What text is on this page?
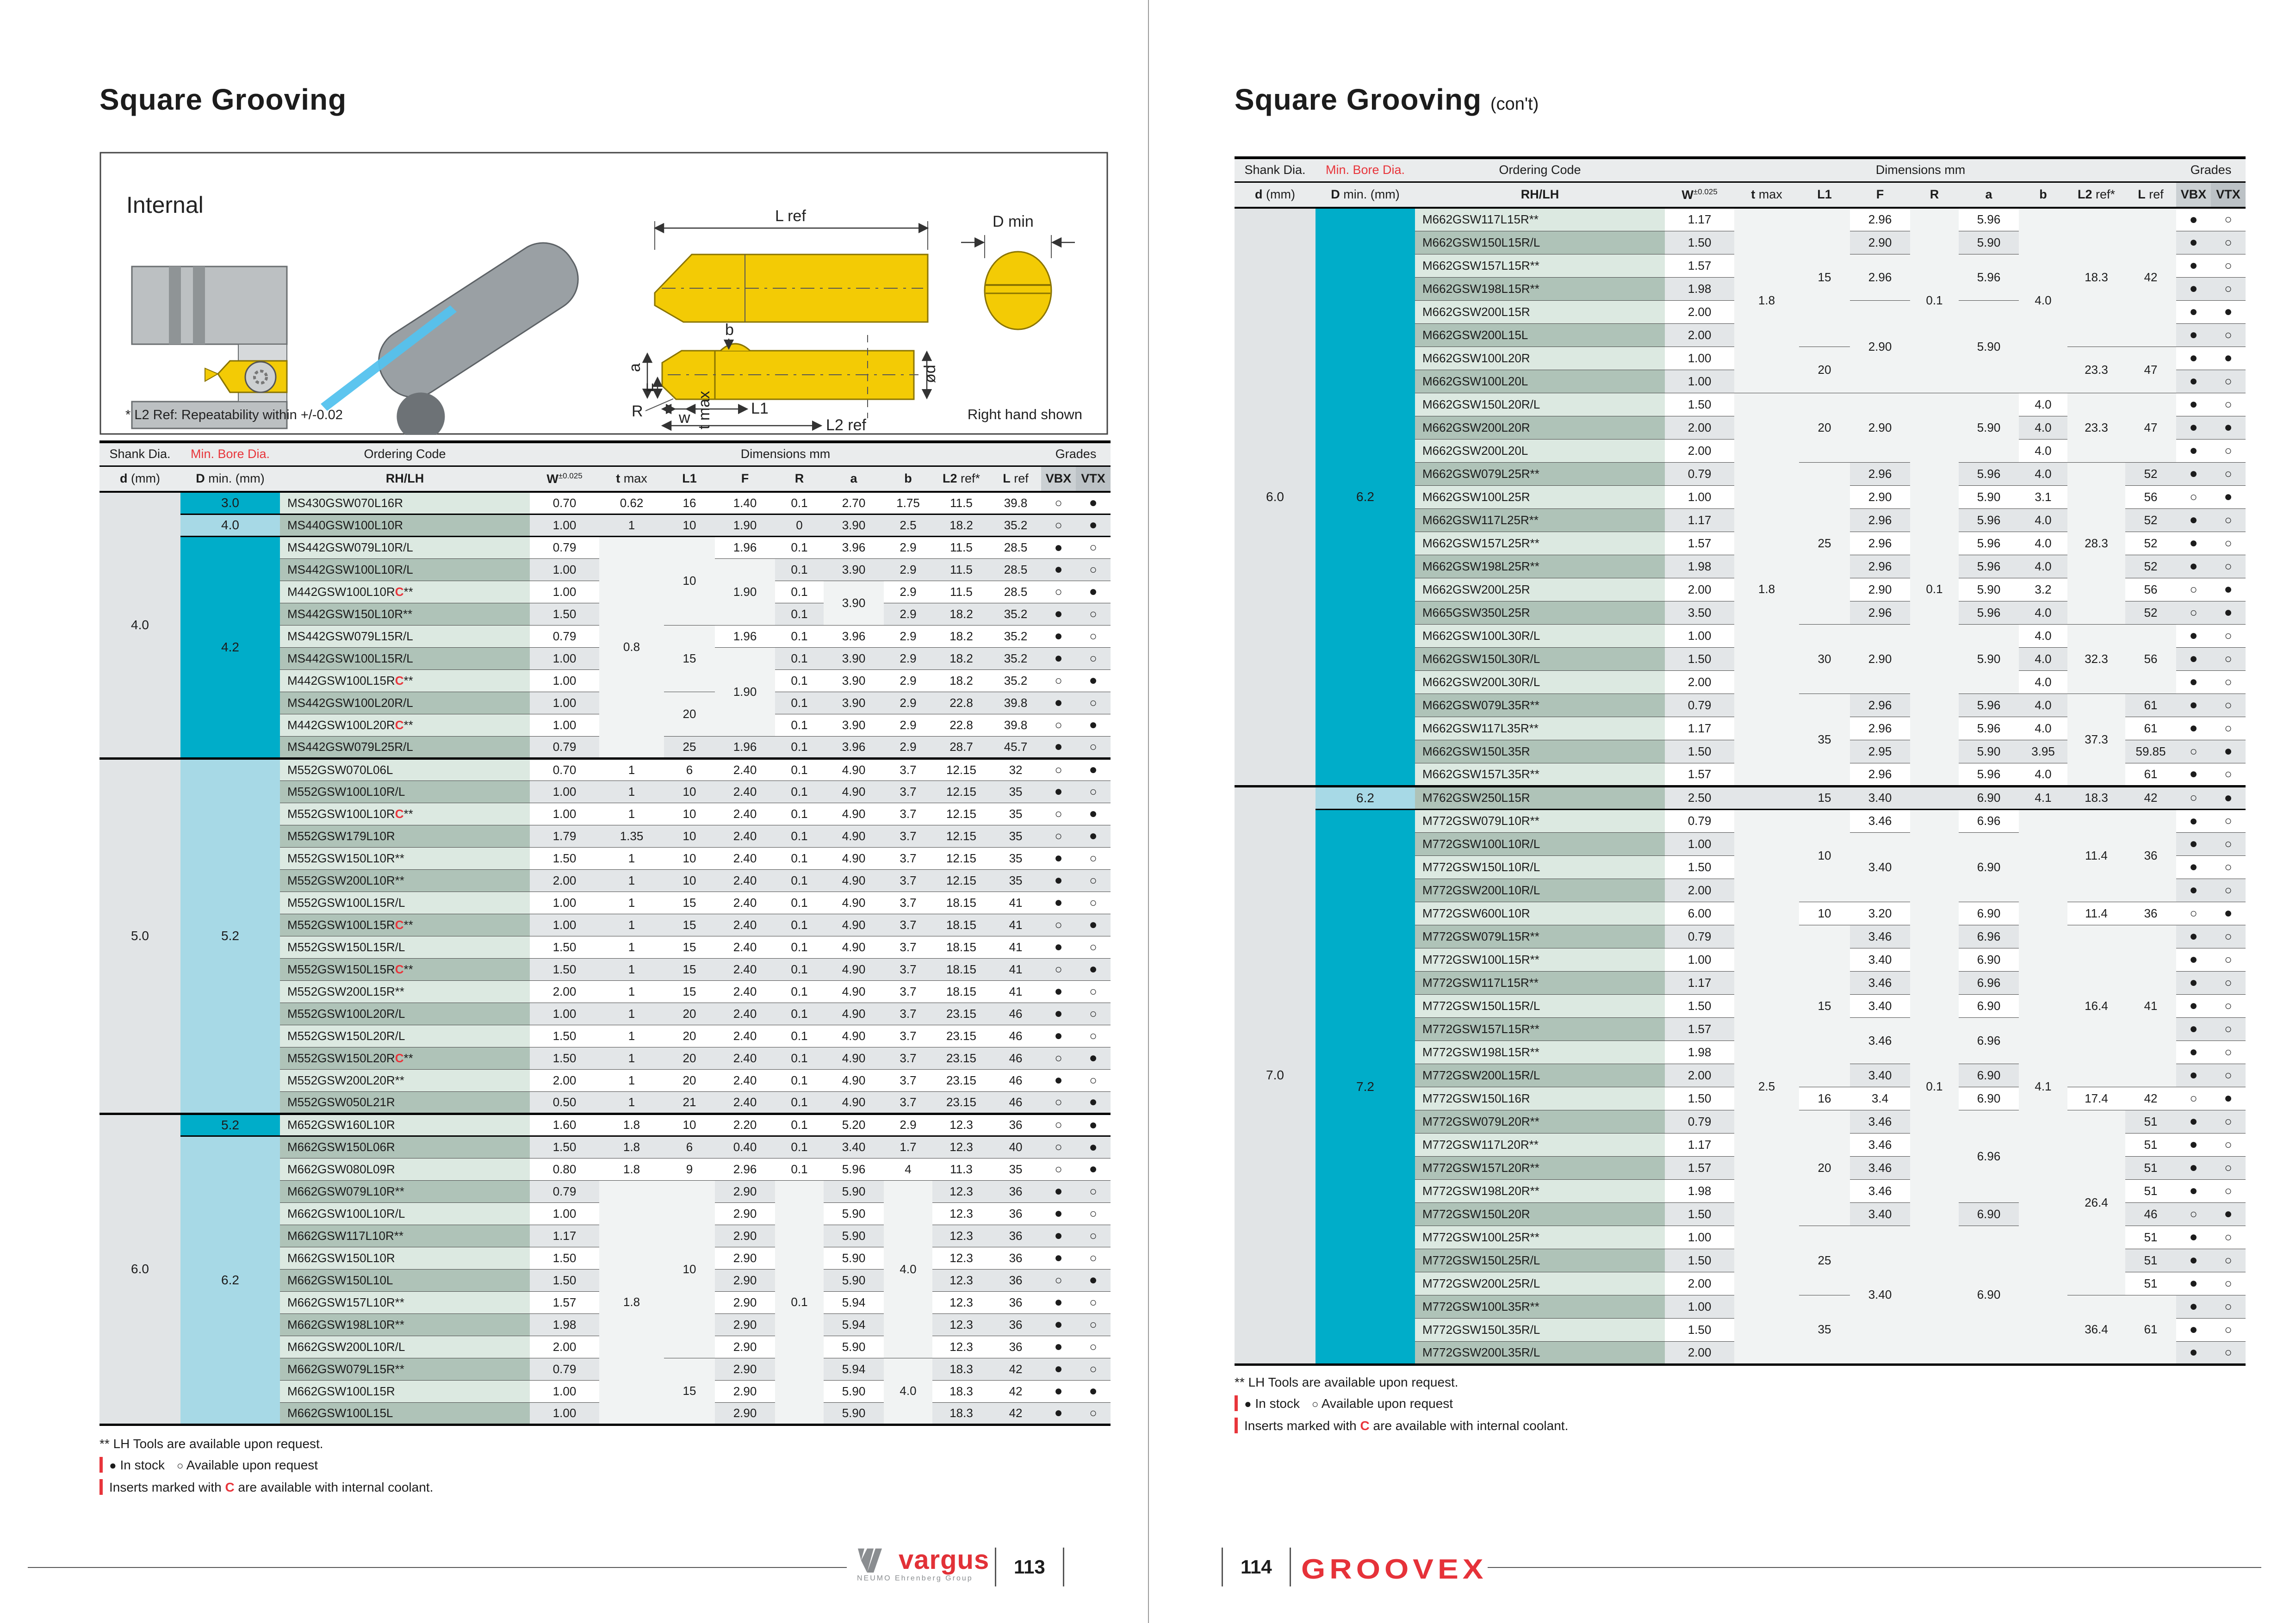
Square Grooving
Internal	L ref	D min
b
a
F
R w t max L1
L2 ref
ød
* L2 Ref: Repeatability within +/-0.02	Right hand shown
Shank Dia.	Min. Bore Dia.	Ordering Code	Dimensions mm									Grades	
d (mm)	D min. (mm)	RH/LH	$W^{\pm 0.025}$	t max	L1	F	R	a	b	L2 ref*	L ref	VBX	VTX
4.0	3.0	MS430GSW070L16R	0.70	0.62	16	1.40	0.1	2.70	1.75	11.5	39.8	○	●
	4.0	MS440GSW100L10R	1.00	1	10	1.90	0	3.90	2.5	18.2	35.2	○	●
	4.2	MS442GSW079L10R/L	0.79	0.8	10	1.96	0.1	3.96	2.9	11.5	28.5	●	○
		MS442GSW100L10R/L	1.00			1.90	0.1	3.90	2.9	11.5	28.5	●	○
		M442GSW100L10RC**	1.00				0.1	3.90	2.9	11.5	28.5	○	●
		MS442GSW150L10R**	1.50				0.1		2.9	18.2	35.2	●	○
		MS442GSW079L15R/L	0.79		15	1.96	0.1	3.96	2.9	18.2	35.2	●	○
		MS442GSW100L15R/L	1.00			1.90	0.1	3.90	2.9	18.2	35.2	●	○
		M442GSW100L15RC**	1.00				0.1	3.90	2.9	18.2	35.2	○	●
		MS442GSW100L20R/L	1.00		20		0.1	3.90	2.9	22.8	39.8	●	○
		M442GSW100L20RC**	1.00				0.1	3.90	2.9	22.8	39.8	○	●
		MS442GSW079L25R/L	0.79		25	1.96	0.1	3.96	2.9	28.7	45.7	●	○
5.0	5.2	M552GSW070L06L	0.70	1	6	2.40	0.1	4.90	3.7	12.15	32	○	●
		M552GSW100L10R/L	1.00	1	10	2.40	0.1	4.90	3.7	12.15	35	●	○
		M552GSW100L10RC**	1.00	1	10	2.40	0.1	4.90	3.7	12.15	35	○	●
		M552GSW179L10R	1.79	1.35	10	2.40	0.1	4.90	3.7	12.15	35	○	●
		M552GSW150L10R**	1.50	1	10	2.40	0.1	4.90	3.7	12.15	35	●	○
		M552GSW200L10R**	2.00	1	10	2.40	0.1	4.90	3.7	12.15	35	●	○
		M552GSW100L15R/L	1.00	1	15	2.40	0.1	4.90	3.7	18.15	41	●	○
		M552GSW100L15RC**	1.00	1	15	2.40	0.1	4.90	3.7	18.15	41	○	●
		M552GSW150L15R/L	1.50	1	15	2.40	0.1	4.90	3.7	18.15	41	●	○
		M552GSW150L15RC**	1.50	1	15	2.40	0.1	4.90	3.7	18.15	41	○	●
		M552GSW200L15R**	2.00	1	15	2.40	0.1	4.90	3.7	18.15	41	●	○
		M552GSW100L20R/L	1.00	1	20	2.40	0.1	4.90	3.7	23.15	46	●	○
		M552GSW150L20R/L	1.50	1	20	2.40	0.1	4.90	3.7	23.15	46	●	○
		M552GSW150L20RC**	1.50	1	20	2.40	0.1	4.90	3.7	23.15	46	○	●
		M552GSW200L20R**	2.00	1	20	2.40	0.1	4.90	3.7	23.15	46	●	○
		M552GSW050L21R	0.50	1	21	2.40	0.1	4.90	3.7	23.15	46	○	●
6.0	5.2	M652GSW160L10R	1.60	1.8	10	2.20	0.1	5.20	2.9	12.3	36	○	●
	6.2	M662GSW150L06R	1.50	1.8	6	0.40	0.1	3.40	1.7	12.3	40	○	●
		M662GSW080L09R	0.80	1.8	9	2.96	0.1	5.96	4	11.3	35	○	●
		M662GSW079L10R**	0.79	1.8	10	2.90	0.1	5.90	4.0	12.3	36	●	○
		M662GSW100L10R/L	1.00			2.90		5.90		12.3	36	●	○
		M662GSW117L10R**	1.17			2.90		5.90		12.3	36	●	○
		M662GSW150L10R	1.50			2.90		5.90		12.3	36	●	○
		M662GSW150L10L	1.50			2.90		5.90		12.3	36	○	●
		M662GSW157L10R**	1.57			2.90		5.94		12.3	36	●	○
		M662GSW198L10R**	1.98			2.90		5.94		12.3	36	●	○
		M662GSW200L10R/L	2.00			2.90		5.90		12.3	36	●	○
		M662GSW079L15R**	0.79		15	2.90		5.94	4.0	18.3	42	●	○
		M662GSW100L15R	1.00			2.90		5.90		18.3	42	●	●
		M662GSW100L15L	1.00			2.90		5.90		18.3	42	●	○
** LH Tools are available upon request.
● In stock ○ Available upon request
Inserts marked with C are available with internal coolant.
Square Grooving (con't)
Shank Dia.	Min. Bore Dia.	Ordering Code	Dimensions mm									Grades	
d (mm)	D min. (mm)	RH/LH	$W^{\pm 0.025}$	t max	L1	F	R	a	b	L2 ref*	L ref	VBX	VTX
6.0	6.2	M662GSW117L15R**	1.17	1.8	15	2.96	0.1	5.96	4.0	18.3	42	●	○
		M662GSW150L15R/L	1.50			2.90		5.90				●	○
		M662GSW157L15R**	1.57			2.96		5.96				●	○
		M662GSW198L15R**	1.98									●	○
		M662GSW200L15R	2.00			2.90		5.90				●	●
		M662GSW200L15L	2.00									●	○
		M662GSW100L20R	1.00		20					23.3	47	●	●
		M662GSW100L20L	1.00									●	○
		M662GSW150L20R/L	1.50	1.8	20	2.90	0.1	5.90	4.0	23.3	47	●	○
		M662GSW200L20R	2.00						4.0			●	●
		M662GSW200L20L	2.00						4.0			●	○
		M662GSW079L25R**	0.79		25	2.96		5.96	4.0	28.3	52	●	○
		M662GSW100L25R	1.00			2.90		5.90	3.1		56	○	●
		M662GSW117L25R**	1.17			2.96		5.96	4.0		52	●	○
		M662GSW157L25R**	1.57			2.96		5.96	4.0		52	●	○
		M662GSW198L25R**	1.98			2.96		5.96	4.0		52	●	○
		M662GSW200L25R	2.00			2.90		5.90	3.2		56	○	●
		M665GSW350L25R	3.50			2.96		5.96	4.0		52	○	●
		M662GSW100L30R/L	1.00		30	2.90		5.90	4.0	32.3	56	●	○
		M662GSW150L30R/L	1.50						4.0			●	○
		M662GSW200L30R/L	2.00						4.0			●	○
		M662GSW079L35R**	0.79		35	2.96		5.96	4.0	37.3	61	●	○
		M662GSW117L35R**	1.17			2.96		5.96	4.0		61	●	○
		M662GSW150L35R	1.50			2.95		5.90	3.95		59.85	○	●
		M662GSW157L35R**	1.57			2.96		5.96	4.0		61	●	○
7.0	6.2	M762GSW250L15R	2.50		15	3.40		6.90	4.1	18.3	42	○	●
	7.2	M772GSW079L10R**	0.79	2.5	10	3.46	0.1	6.96	4.1	11.4	36	●	○
		M772GSW100L10R/L	1.00			3.40		6.90				●	○
		M772GSW150L10R/L	1.50									●	○
		M772GSW200L10R/L	2.00									●	○
		M772GSW600L10R	6.00		10	3.20		6.90		11.4	36	○	●
		M772GSW079L15R**	0.79		15	3.46		6.96		16.4	41	●	○
		M772GSW100L15R**	1.00			3.40		6.90				●	○
		M772GSW117L15R**	1.17			3.46		6.96				●	○
		M772GSW150L15R/L	1.50			3.40		6.90				●	○
		M772GSW157L15R**	1.57			3.46		6.96				●	○
		M772GSW198L15R**	1.98									●	○
		M772GSW200L15R/L	2.00			3.40		6.90				●	○
		M772GSW150L16R	1.50		16	3.4		6.90		17.4	42	○	●
		M772GSW079L20R**	0.79		20	3.46		6.96		26.4	51	●	○
		M772GSW117L20R**	1.17			3.46					51	●	○
		M772GSW157L20R**	1.57			3.46					51	●	○
		M772GSW198L20R**	1.98			3.46					51	●	○
		M772GSW150L20R	1.50			3.40		6.90			46	○	●
		M772GSW100L25R**	1.00		25	3.40		6.90			51	●	○
		M772GSW150L25R/L	1.50								51	●	○
		M772GSW200L25R/L	2.00								51	●	○
		M772GSW100L35R**	1.00		35					36.4	61	●	○
		M772GSW150L35R/L	1.50									●	○
		M772GSW200L35R/L	2.00									●	○
** LH Tools are available upon request.
● In stock ○ Available upon request
Inserts marked with C are available with internal coolant.
vargus
NEUMO Ehrenberg Group
113	114	GROOVEX
